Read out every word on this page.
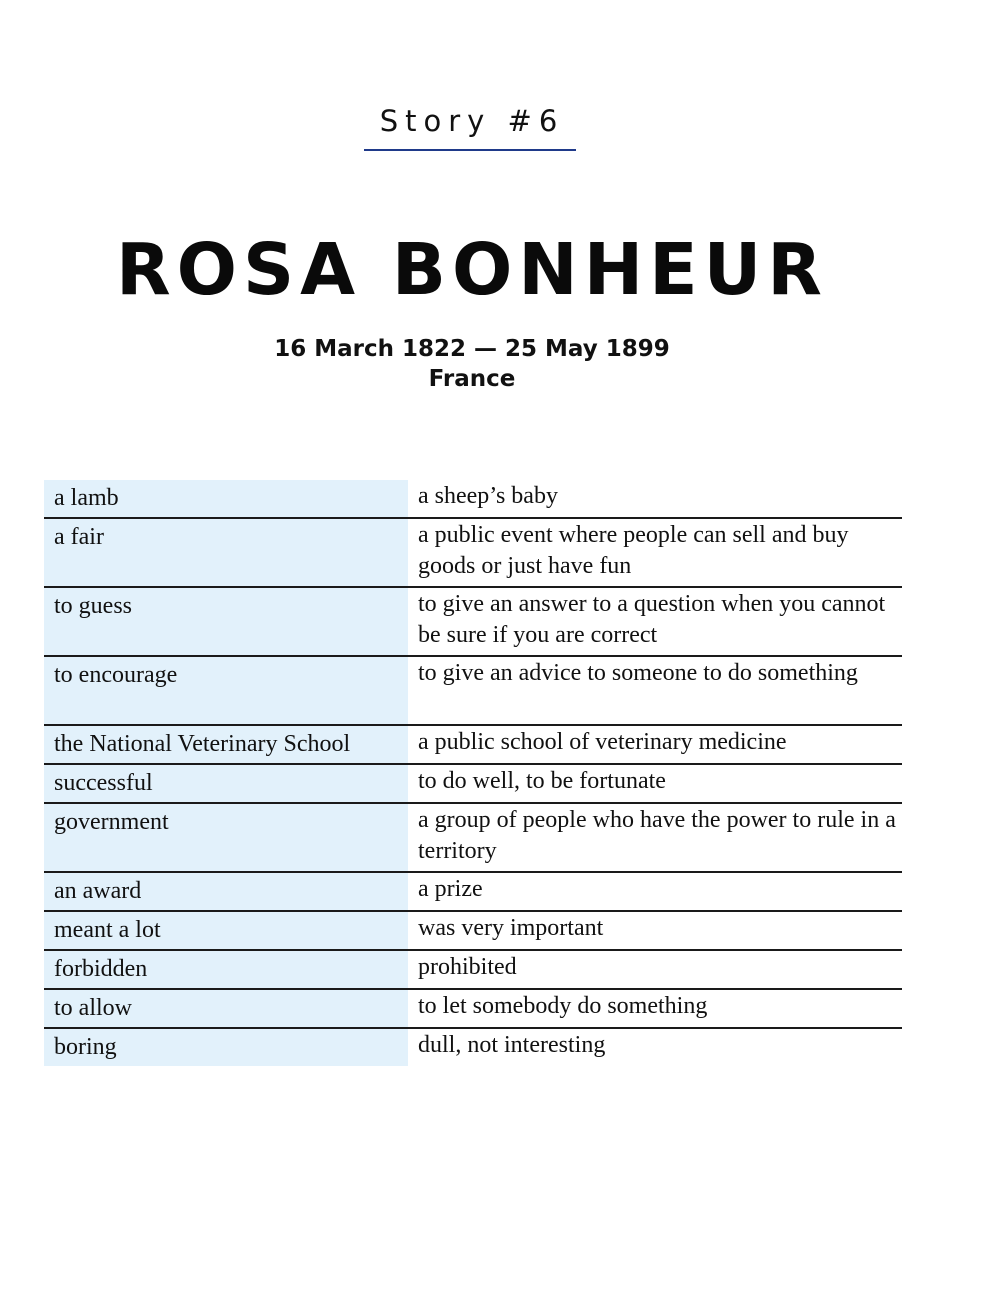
Story #6
ROSA BONHEUR
16 March 1822 — 25 May 1899
France
a lamb	a sheep’s baby
a fair	a public event where people can sell and buy goods or just have fun
to guess	to give an answer to a question when you cannot be sure if you are correct
to encourage	to give an advice to someone to do something
the National Veterinary School	a public school of veterinary medicine
successful	to do well, to be fortunate
government	a group of people who have the power to rule in a territory
an award	a prize
meant a lot	was very important
forbidden	prohibited
to allow	to let somebody do something
boring	dull, not interesting
